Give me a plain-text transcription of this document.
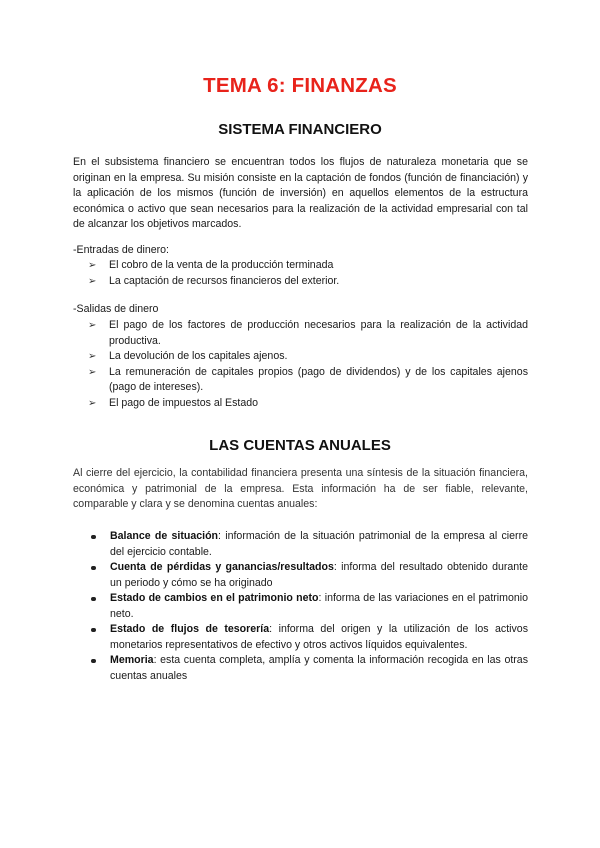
TEMA 6: FINANZAS
SISTEMA FINANCIERO

En el subsistema financiero se encuentran todos los flujos de naturaleza monetaria que se originan en la empresa. Su misión consiste en la captación de fondos (función de financiación) y la aplicación de los mismos (función de inversión) en aquellos elementos de la estructura económica o activo que sean necesarios para la realización de la actividad empresarial con tal de alcanzar los objetivos marcados.

-Entradas de dinero:

➢ El cobro de la venta de la producción terminada
➢ La captación de recursos financieros del exterior.

-Salidas de dinero

➢ El pago de los factores de producción necesarios para la realización de la actividad productiva.
➢ La devolución de los capitales ajenos.
➢ La remuneración de capitales propios (pago de dividendos) y de los capitales ajenos (pago de intereses).
➢ El pago de impuestos al Estado
LAS CUENTAS ANUALES

Al cierre del ejercicio, la contabilidad financiera presenta una síntesis de la situación financiera, económica y patrimonial de la empresa. Esta información ha de ser fiable, relevante, comparable y clara y se denomina cuentas anuales:

Balance de situación: información de la situación patrimonial de la empresa al cierre del ejercicio contable.
Cuenta de pérdidas y ganancias/resultados: informa del resultado obtenido durante un periodo y cómo se ha originado
Estado de cambios en el patrimonio neto: informa de las variaciones en el patrimonio neto.
Estado de flujos de tesorería: informa del origen y la utilización de los activos monetarios representativos de efectivo y otros activos líquidos equivalentes.
Memoria: esta cuenta completa, amplía y comenta la información recogida en las otras cuentas anuales
